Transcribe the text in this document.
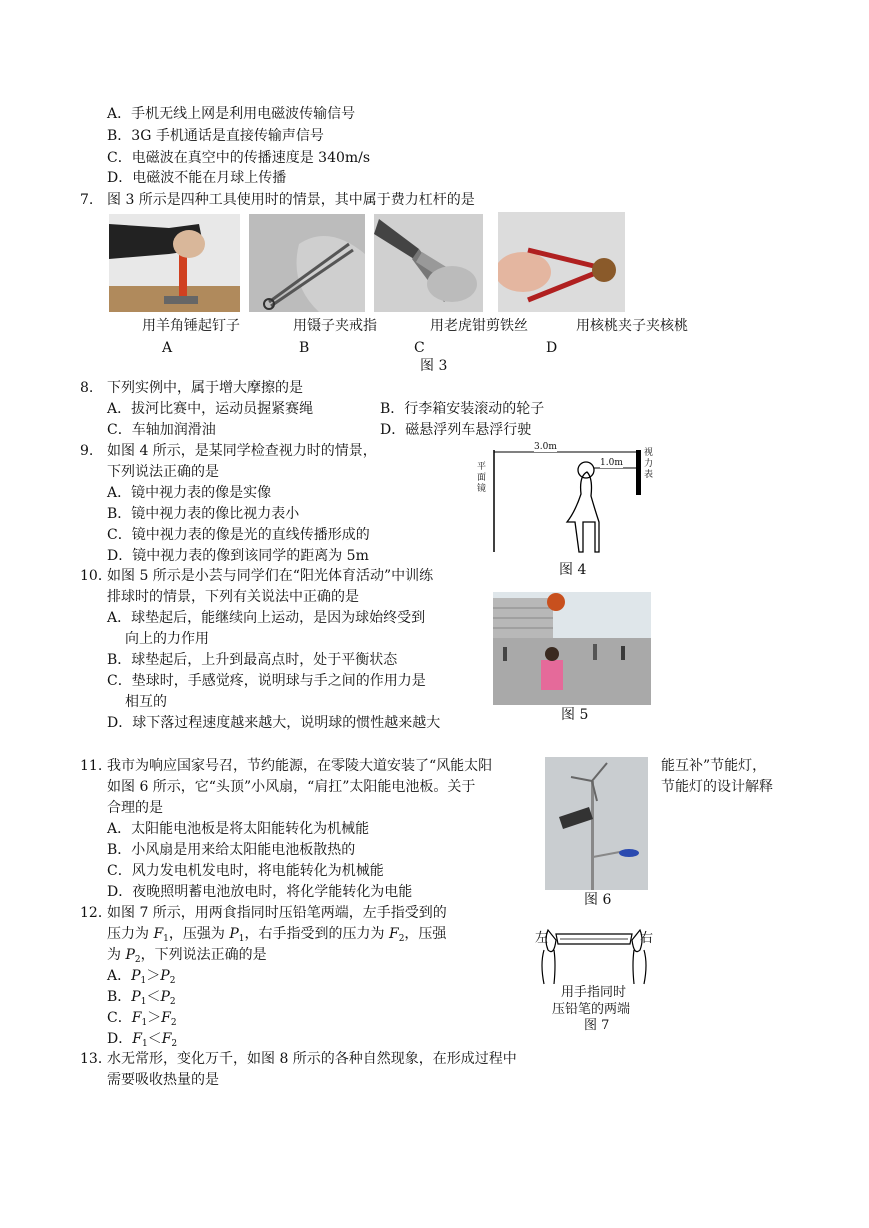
A．手机无线上网是利用电磁波传输信号
B．3G 手机通话是直接传输声信号
C．电磁波在真空中的传播速度是 340m/s
D．电磁波不能在月球上传播
7. 图 3 所示是四种工具使用时的情景，其中属于费力杠杆的是
用羊角锤起钉子	用镊子夹戒指	用老虎钳剪铁丝	用核桃夹子夹核桃
A	B	C	D
图 3
8. 下列实例中，属于增大摩擦的是
A．拔河比赛中，运动员握紧赛绳	B．行李箱安装滚动的轮子
C．车轴加润滑油	D．磁悬浮列车悬浮行驶
9. 如图 4 所示，是某同学检查视力时的情景，
下列说法正确的是
A．镜中视力表的像是实像
B．镜中视力表的像比视力表小
C．镜中视力表的像是光的直线传播形成的
D．镜中视力表的像到该同学的距离为 5m
平面镜
视力表
3.0m
1.0m
图 4
10．
如图 5 所示是小芸与同学们在“阳光体育活动”中训练
排球时的情景，下列有关说法中正确的是
A．球垫起后，能继续向上运动，是因为球始终受到
向上的力作用
B．球垫起后，上升到最高点时，处于平衡状态
C．垫球时，手感觉疼，说明球与手之间的作用力是
相互的
D．球下落过程速度越来越大，说明球的惯性越来越大	图 5
11. 我市为响应国家号召，节约能源，在零陵大道安装了“风能太阳	能互补”节能灯，
如图 6 所示，它“头顶”小风扇，“肩扛”太阳能电池板。关于	节能灯的设计解释
合理的是
A．太阳能电池板是将太阳能转化为机械能
B．小风扇是用来给太阳能电池板散热的
C．风力发电机发电时，将电能转化为机械能
D．夜晚照明蓄电池放电时，将化学能转化为电能	图 6
12．
如图 7 所示，用两食指同时压铅笔两端，左手指受到的
压力为 $F_1$，压强为 $P_1$，右手指受到的压力为 $F_2$，压强
为 $P_2$，下列说法正确的是
A．$P_1>P_2$
B．$P_1<P_2$
C．$F_1>F_2$
D．$F_1<F_2$
左	右
用手指同时
压铅笔的两端
图 7
13．
水无常形，变化万千，如图 8 所示的各种自然现象，在形成过程中
需要吸收热量的是
